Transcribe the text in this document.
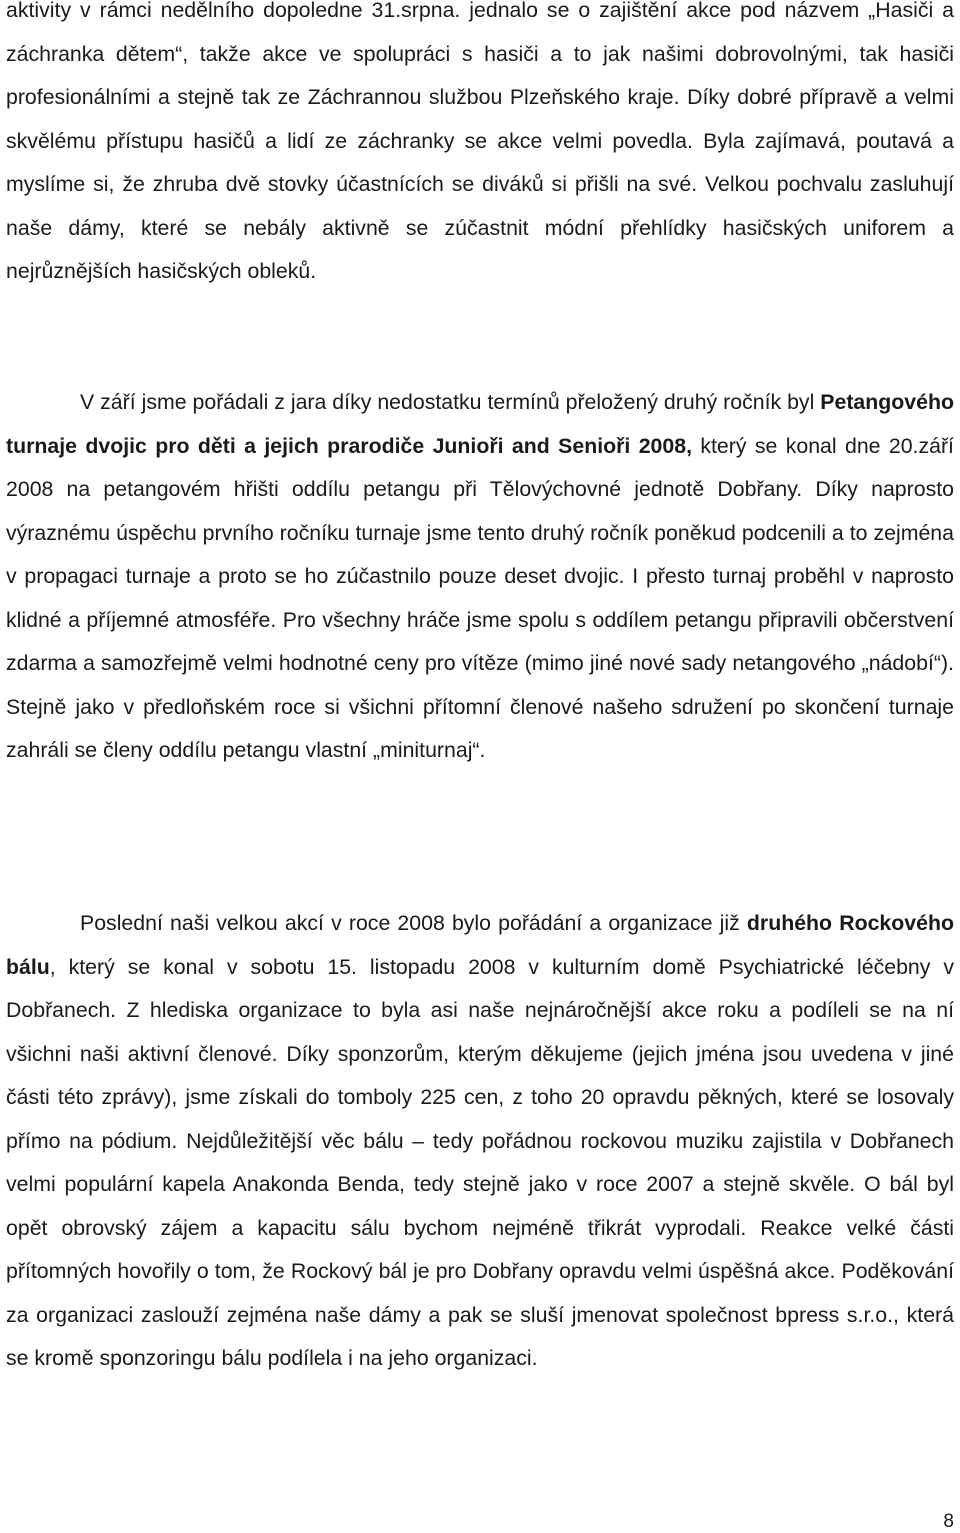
aktivity v rámci nedělního dopoledne 31.srpna. jednalo se o zajištění akce pod názvem „Hasiči a záchranka dětem“, takže akce ve spolupráci s hasiči a to jak našimi dobrovolnými, tak hasiči profesionálními a stejně tak ze Záchrannou službou Plzeňského kraje. Díky dobré přípravě a velmi skvělému přístupu hasičů a lidí ze záchranky se akce velmi povedla. Byla zajímavá, poutavá a myslíme si, že zhruba dvě stovky účastnících se diváků si přišli na své. Velkou pochvalu zasluhují naše dámy, které se nebály aktivně se zúčastnit módní přehlídky hasičských uniforem a nejrůznějších hasičských obleků.

V září jsme pořádali z jara díky nedostatku termínů přeložený druhý ročník byl Petangového turnaje dvojic pro děti a jejich prarodiče Junioři and Senioři 2008, který se konal dne 20.září 2008 na petangovém hřišti oddílu petangu při Tělovýchovné jednotě Dobřany. Díky naprosto výraznému úspěchu prvního ročníku turnaje jsme tento druhý ročník poněkud podcenili a to zejména v propagaci turnaje a proto se ho zúčastnilo pouze deset dvojic. I přesto turnaj proběhl v naprosto klidné a příjemné atmosféře. Pro všechny hráče jsme spolu s oddílem petangu připravili občerstvení zdarma a samozřejmě velmi hodnotné ceny pro vítěze (mimo jiné nové sady netangového „nádobí“). Stejně jako v předloňském roce si všichni přítomní členové našeho sdružení po skončení turnaje zahráli se členy oddílu petangu vlastní „miniturnaj“.

Poslední naši velkou akcí v roce 2008 bylo pořádání a organizace již druhého Rockového bálu, který se konal v sobotu 15. listopadu 2008 v kulturním domě Psychiatrické léčebny v Dobřanech. Z hlediska organizace to byla asi naše nejnáročnější akce roku a podíleli se na ní všichni naši aktivní členové. Díky sponzorům, kterým děkujeme (jejich jména jsou uvedena v jiné části této zprávy), jsme získali do tomboly 225 cen, z toho 20 opravdu pěkných, které se losovaly přímo na pódium. Nejdůležitější věc bálu – tedy pořádnou rockovou muziku zajistila v Dobřanech velmi populární kapela Anakonda Benda, tedy stejně jako v roce 2007 a stejně skvěle. O bál byl opět obrovský zájem a kapacitu sálu bychom nejméně třikrát vyprodali. Reakce velké části přítomných hovořily o tom, že Rockový bál je pro Dobřany opravdu velmi úspěšná akce. Poděkování za organizaci zaslouží zejména naše dámy a pak se sluší jmenovat společnost bpress s.r.o., která se kromě sponzoringu bálu podílela i na jeho organizaci.

8
